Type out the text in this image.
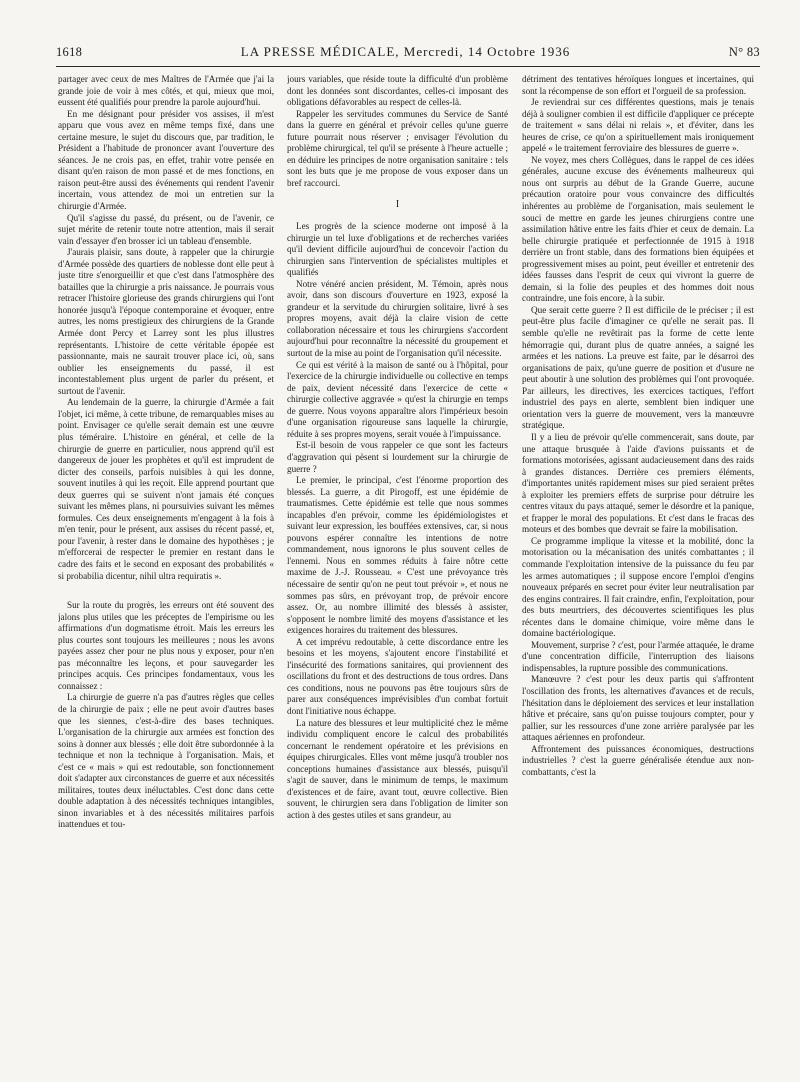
1618	LA PRESSE MÉDICALE, Mercredi, 14 Octobre 1936	N° 83

partager avec ceux de mes Maîtres de l'Armée que j'ai la grande joie de voir à mes côtés, et qui, mieux que moi, eussent été qualifiés pour prendre la parole aujourd'hui.

En me désignant pour présider vos assises, il m'est apparu que vous avez en même temps fixé, dans une certaine mesure, le sujet du discours que, par tradition, le Président a l'habitude de prononcer avant l'ouverture des séances. Je ne crois pas, en effet, trahir votre pensée en disant qu'en raison de mon passé et de mes fonctions, en raison peut-être aussi des événements qui rendent l'avenir incertain, vous attendez de moi un entretien sur la chirurgie d'Armée.

Qu'il s'agisse du passé, du présent, ou de l'avenir, ce sujet mérite de retenir toute notre attention, mais il serait vain d'essayer d'en brosser ici un tableau d'ensemble.

J'aurais plaisir, sans doute, à rappeler que la chirurgie d'Armée possède des quartiers de noblesse dont elle peut à juste titre s'enorgueillir et que c'est dans l'atmosphère des batailles que la chirurgie a pris naissance. Je pourrais vous retracer l'histoire glorieuse des grands chirurgiens qui l'ont honorée jusqu'à l'époque contemporaine et évoquer, entre autres, les noms prestigieux des chirurgiens de la Grande Armée dont Percy et Larrey sont les plus illustres représentants. L'histoire de cette véritable épopée est passionnante, mais ne saurait trouver place ici, où, sans oublier les enseignements du passé, il est incontestablement plus urgent de parler du présent, et surtout de l'avenir.

Au lendemain de la guerre, la chirurgie d'Armée a fait l'objet, ici même, à cette tribune, de remarquables mises au point. Envisager ce qu'elle serait demain est une œuvre plus téméraire. L'histoire en général, et celle de la chirurgie de guerre en particulier, nous apprend qu'il est dangereux de jouer les prophètes et qu'il est imprudent de dicter des conseils, parfois nuisibles à qui les donne, souvent inutiles à qui les reçoit. Elle apprend pourtant que deux guerres qui se suivent n'ont jamais été conçues suivant les mêmes plans, ni poursuivies suivant les mêmes formules. Ces deux enseignements m'engagent à la fois à m'en tenir, pour le présent, aux assises du récent passé, et, pour l'avenir, à rester dans le domaine des hypothèses ; je m'efforcerai de respecter le premier en restant dans le cadre des faits et le second en exposant des probabilités « si probabilia dicentur, nihil ultra requiratis ».

Sur la route du progrès, les erreurs ont été souvent des jalons plus utiles que les préceptes de l'empirisme ou les affirmations d'un dogmatisme étroit. Mais les erreurs les plus courtes sont toujours les meilleures ; nous les avons payées assez cher pour ne plus nous y exposer, pour n'en pas méconnaître les leçons, et pour sauvegarder les principes acquis. Ces principes fondamentaux, vous les connaissez :

La chirurgie de guerre n'a pas d'autres règles que celles de la chirurgie de paix ; elle ne peut avoir d'autres bases que les siennes, c'est-à-dire des bases techniques. L'organisation de la chirurgie aux armées est fonction des soins à donner aux blessés ; elle doit être subordonnée à la technique et non la technique à l'organisation. Mais, et c'est ce « mais » qui est redoutable, son fonctionnement doit s'adapter aux circonstances de guerre et aux nécessités militaires, toutes deux inéluctables. C'est donc dans cette double adaptation à des nécessités techniques intangibles, sinon invariables et à des nécessités militaires parfois inattendues et tou-

jours variables, que réside toute la difficulté d'un problème dont les données sont discordantes, celles-ci imposant des obligations défavorables au respect de celles-là.

Rappeler les servitudes communes du Service de Santé dans la guerre en général et prévoir celles qu'une guerre future pourrait nous réserver ; envisager l'évolution du problème chirurgical, tel qu'il se présente à l'heure actuelle ; en déduire les principes de notre organisation sanitaire : tels sont les buts que je me propose de vous exposer dans un bref raccourci.

I

Les progrès de la science moderne ont imposé à la chirurgie un tel luxe d'obligations et de recherches variées qu'il devient difficile aujourd'hui de concevoir l'action du chirurgien sans l'intervention de spécialistes multiples et qualifiés

Notre vénéré ancien président, M. Témoin, après nous avoir, dans son discours d'ouverture en 1923, exposé la grandeur et la servitude du chirurgien solitaire, livré à ses propres moyens, avait déjà la claire vision de cette collaboration nécessaire et tous les chirurgiens s'accordent aujourd'hui pour reconnaître la nécessité du groupement et surtout de la mise au point de l'organisation qu'il nécessite.

Ce qui est vérité à la maison de santé ou à l'hôpital, pour l'exercice de la chirurgie individuelle ou collective en temps de paix, devient nécessité dans l'exercice de cette « chirurgie collective aggravée » qu'est la chirurgie en temps de guerre. Nous voyons apparaître alors l'impérieux besoin d'une organisation rigoureuse sans laquelle la chirurgie, réduite à ses propres moyens, serait vouée à l'impuissance.

Est-il besoin de vous rappeler ce que sont les facteurs d'aggravation qui pèsent si lourdement sur la chirurgie de guerre ?

Le premier, le principal, c'est l'énorme proportion des blessés. La guerre, a dit Pirogoff, est une épidémie de traumatismes. Cette épidémie est telle que nous sommes incapables d'en prévoir, comme les épidémiologistes et suivant leur expression, les bouffées extensives, car, si nous pouvons espérer connaître les intentions de notre commandement, nous ignorons le plus souvent celles de l'ennemi. Nous en sommes réduits à faire nôtre cette maxime de J.-J. Rousseau. « C'est une prévoyance très nécessaire de sentir qu'on ne peut tout prévoir », et nous ne sommes pas sûrs, en prévoyant trop, de prévoir encore assez. Or, au nombre illimité des blessés à assister, s'opposent le nombre limité des moyens d'assistance et les exigences horaires du traitement des blessures.

A cet imprévu redoutable, à cette discordance entre les besoins et les moyens, s'ajoutent encore l'instabilité et l'insécurité des formations sanitaires, qui proviennent des oscillations du front et des destructions de tous ordres. Dans ces conditions, nous ne pouvons pas être toujours sûrs de parer aux conséquences imprévisibles d'un combat fortuit dont l'initiative nous échappe.

La nature des blessures et leur multiplicité chez le même individu compliquent encore le calcul des probabilités concernant le rendement opératoire et les prévisions en équipes chirurgicales. Elles vont même jusqu'à troubler nos conceptions humaines d'assistance aux blessés, puisqu'il s'agit de sauver, dans le minimum de temps, le maximum d'existences et de faire, avant tout, œuvre collective. Bien souvent, le chirurgien sera dans l'obligation de limiter son action à des gestes utiles et sans grandeur, au

détriment des tentatives héroïques longues et incertaines, qui sont la récompense de son effort et l'orgueil de sa profession.

Je reviendrai sur ces différentes questions, mais je tenais déjà à souligner combien il est difficile d'appliquer ce précepte de traitement « sans délai ni relais », et d'éviter, dans les heures de crise, ce qu'on a spirituellement mais ironiquement appelé « le traitement ferroviaire des blessures de guerre ».

Ne voyez, mes chers Collègues, dans le rappel de ces idées générales, aucune excuse des événements malheureux qui nous ont surpris au début de la Grande Guerre, aucune précaution oratoire pour vous convaincre des difficultés inhérentes au problème de l'organisation, mais seulement le souci de mettre en garde les jeunes chirurgiens contre une assimilation hâtive entre les faits d'hier et ceux de demain. La belle chirurgie pratiquée et perfectionnée de 1915 à 1918 derrière un front stable, dans des formations bien équipées et progressivement mises au point, peut éveiller et entretenir des idées fausses dans l'esprit de ceux qui vivront la guerre de demain, si la folie des peuples et des hommes doit nous contraindre, une fois encore, à la subir.

Que serait cette guerre ? Il est difficile de le préciser ; il est peut-être plus facile d'imaginer ce qu'elle ne serait pas. Il semble qu'elle ne revêtirait pas la forme de cette lente hémorragie qui, durant plus de quatre années, a saigné les armées et les nations. La preuve est faite, par le désarroi des organisations de paix, qu'une guerre de position et d'usure ne peut aboutir à une solution des problèmes qui l'ont provoquée. Par ailleurs, les directives, les exercices tactiques, l'effort industriel des pays en alerte, semblent bien indiquer une orientation vers la guerre de mouvement, vers la manœuvre stratégique.

Il y a lieu de prévoir qu'elle commencerait, sans doute, par une attaque brusquée à l'aide d'avions puissants et de formations motorisées, agissant audacieusement dans des raids à grandes distances. Derrière ces premiers éléments, d'importantes unités rapidement mises sur pied seraient prêtes à exploiter les premiers effets de surprise pour détruire les centres vitaux du pays attaqué, semer le désordre et la panique, et frapper le moral des populations. Et c'est dans le fracas des moteurs et des bombes que devrait se faire la mobilisation.

Ce programme implique la vitesse et la mobilité, donc la motorisation ou la mécanisation des unités combattantes ; il commande l'exploitation intensive de la puissance du feu par les armes automatiques ; il suppose encore l'emploi d'engins nouveaux préparés en secret pour éviter leur neutralisation par des engins contraires. Il fait craindre, enfin, l'exploitation, pour des buts meurtriers, des découvertes scientifiques les plus récentes dans le domaine chimique, voire même dans le domaine bactériologique.

Mouvement, surprise ? c'est, pour l'armée attaquée, le drame d'une concentration difficile, l'interruption des liaisons indispensables, la rupture possible des communications.

Manœuvre ? c'est pour les deux partis qui s'affrontent l'oscillation des fronts, les alternatives d'avances et de reculs, l'hésitation dans le déploiement des services et leur installation hâtive et précaire, sans qu'on puisse toujours compter, pour y pallier, sur les ressources d'une zone arrière paralysée par les attaques aériennes en profondeur.

Affrontement des puissances économiques, destructions industrielles ? c'est la guerre généralisée étendue aux non-combattants, c'est la
